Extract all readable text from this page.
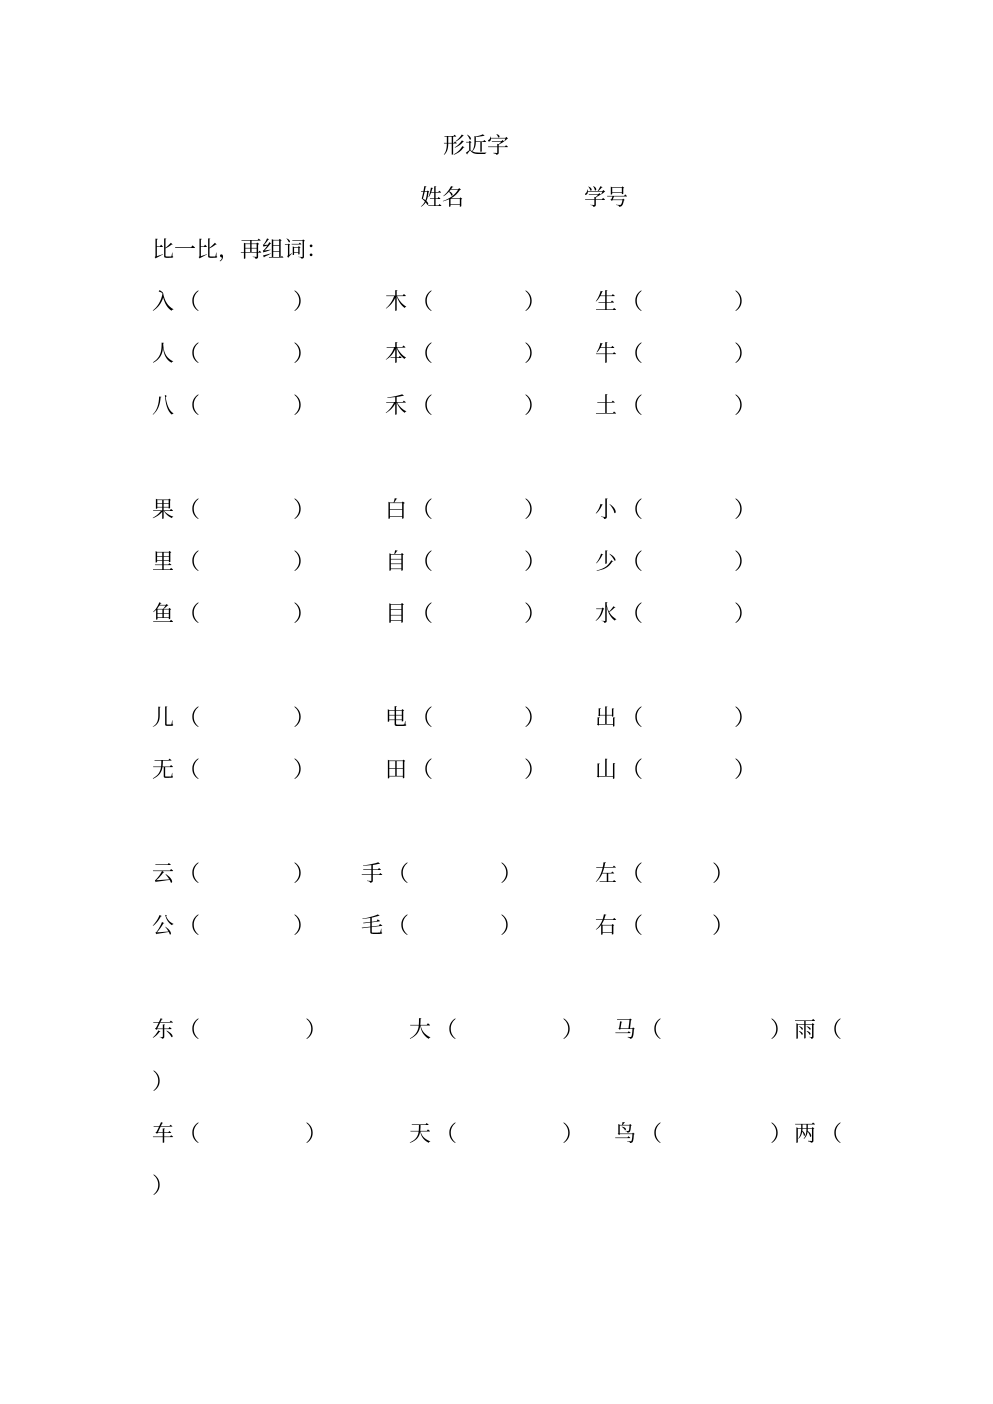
形近字
姓名	学号
比一比，再组词：
入 （	）	木 （	） 生 （	）
人 （	）	本 （	） 牛 （	）
八 （	）	禾 （	） 土 （	）
果 （	）	白 （	） 小 （	）
里 （	）	自 （	） 少 （	）
鱼 （	）	目 （	） 水 （	）
儿 （	）	电 （	） 出 （	）
无 （	）	田 （	） 山 （	）
云 （	） 手 （	）	左 （	）
公 （	） 毛 （	）	右 （	）
东 （	）	大 （	） 马 （	） 雨 （
）
车 （	）	天 （	） 鸟 （	） 两 （
）
